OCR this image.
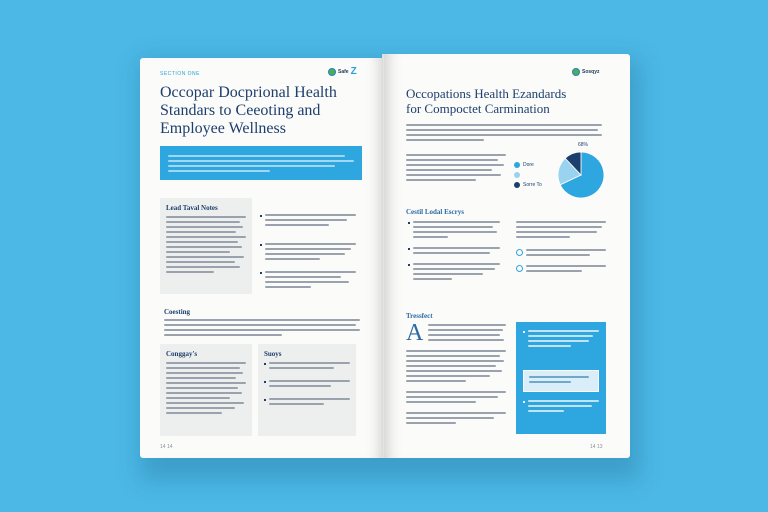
SECTION ONE	Safe Z

Occopar Docprional Health

Standars to Ceeoting and

Employee Wellness

Lead Taval Notes
Coesting
Conggay's	Suoys
14 14
Sosqyz

Occopations Health Ezandards

for Compoctet Carmination

Dore
Sorre To
68%
Cestil Lodal Escrys
Tressfect
A
14 13
